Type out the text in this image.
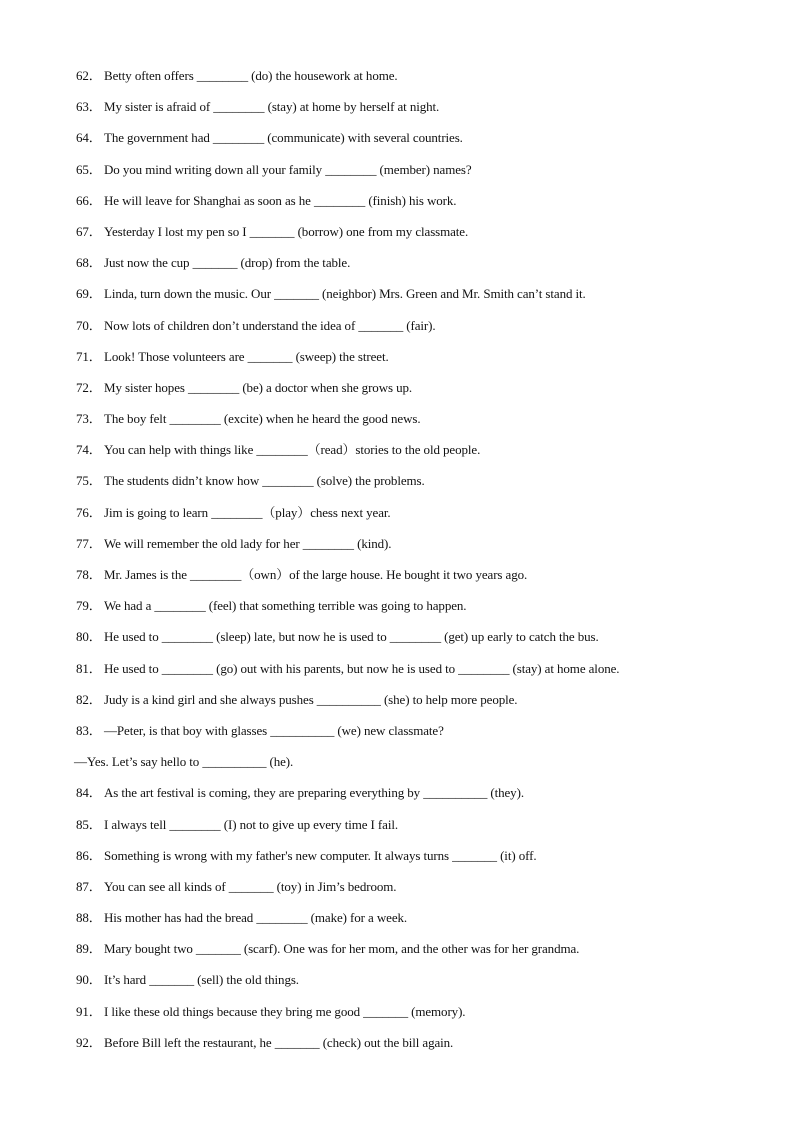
62． Betty often offers ________ (do) the housework at home.
63． My sister is afraid of ________ (stay) at home by herself at night.
64． The government had ________ (communicate) with several countries.
65． Do you mind writing down all your family ________ (member) names?
66． He will leave for Shanghai as soon as he ________ (finish) his work.
67． Yesterday I lost my pen so I _______ (borrow) one from my classmate.
68． Just now the cup _______ (drop) from the table.
69． Linda, turn down the music. Our _______ (neighbor) Mrs. Green and Mr. Smith can’t stand it.
70． Now lots of children don’t understand the idea of _______ (fair).
71． Look! Those volunteers are _______ (sweep) the street.
72． My sister hopes ________ (be) a doctor when she grows up.
73． The boy felt ________ (excite) when he heard the good news.
74． You can help with things like ________（read）stories to the old people.
75． The students didn’t know how ________ (solve) the problems.
76． Jim is going to learn ________（play）chess next year.
77． We will remember the old lady for her ________ (kind).
78． Mr. James is the ________（own）of the large house. He bought it two years ago.
79． We had a ________ (feel) that something terrible was going to happen.
80． He used to ________ (sleep) late, but now he is used to ________ (get) up early to catch the bus.
81． He used to ________ (go) out with his parents, but now he is used to ________ (stay) at home alone.
82． Judy is a kind girl and she always pushes __________ (she) to help more people.
83． —Peter, is that boy with glasses __________ (we) new classmate?
—Yes. Let’s say hello to __________ (he).
84． As the art festival is coming, they are preparing everything by __________ (they).
85． I always tell ________ (I) not to give up every time I fail.
86． Something is wrong with my father's new computer. It always turns _______ (it) off.
87． You can see all kinds of _______ (toy) in Jim’s bedroom.
88． His mother has had the bread ________ (make) for a week.
89． Mary bought two _______ (scarf). One was for her mom, and the other was for her grandma.
90． It’s hard _______ (sell) the old things.
91． I like these old things because they bring me good _______ (memory).
92． Before Bill left the restaurant, he _______ (check) out the bill again.
